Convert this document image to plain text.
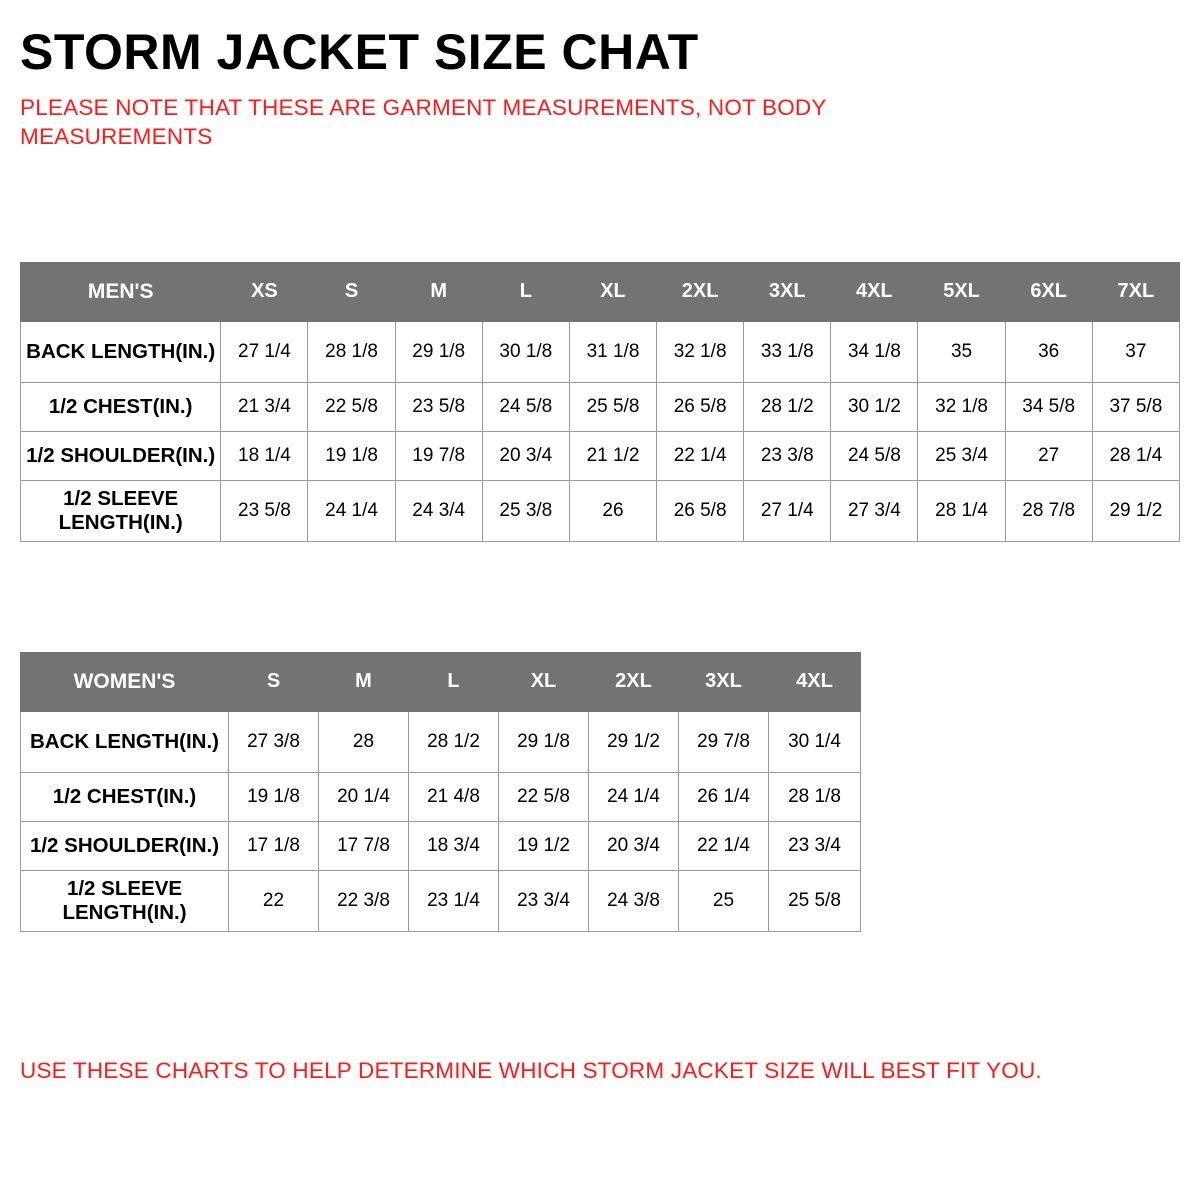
STORM JACKET SIZE CHAT

PLEASE NOTE THAT THESE ARE GARMENT MEASUREMENTS, NOT BODY MEASUREMENTS

MEN'S	XS	S	M	L	XL	2XL	3XL	4XL	5XL	6XL	7XL
BACK LENGTH(IN.)	27 1/4	28 1/8	29 1/8	30 1/8	31 1/8	32 1/8	33 1/8	34 1/8	35	36	37
1/2 CHEST(IN.)	21 3/4	22 5/8	23 5/8	24 5/8	25 5/8	26 5/8	28 1/2	30 1/2	32 1/8	34 5/8	37 5/8
1/2 SHOULDER(IN.)	18 1/4	19 1/8	19 7/8	20 3/4	21 1/2	22 1/4	23 3/8	24 5/8	25 3/4	27	28 1/4
1/2 SLEEVE LENGTH(IN.)	23 5/8	24 1/4	24 3/4	25 3/8	26	26 5/8	27 1/4	27 3/4	28 1/4	28 7/8	29 1/2
WOMEN'S	S	M	L	XL	2XL	3XL	4XL
BACK LENGTH(IN.)	27 3/8	28	28 1/2	29 1/8	29 1/2	29 7/8	30 1/4
1/2 CHEST(IN.)	19 1/8	20 1/4	21 4/8	22 5/8	24 1/4	26 1/4	28 1/8
1/2 SHOULDER(IN.)	17 1/8	17 7/8	18 3/4	19 1/2	20 3/4	22 1/4	23 3/4
1/2 SLEEVE LENGTH(IN.)	22	22 3/8	23 1/4	23 3/4	24 3/8	25	25 5/8
USE THESE CHARTS TO HELP DETERMINE WHICH STORM JACKET SIZE WILL BEST FIT YOU.
